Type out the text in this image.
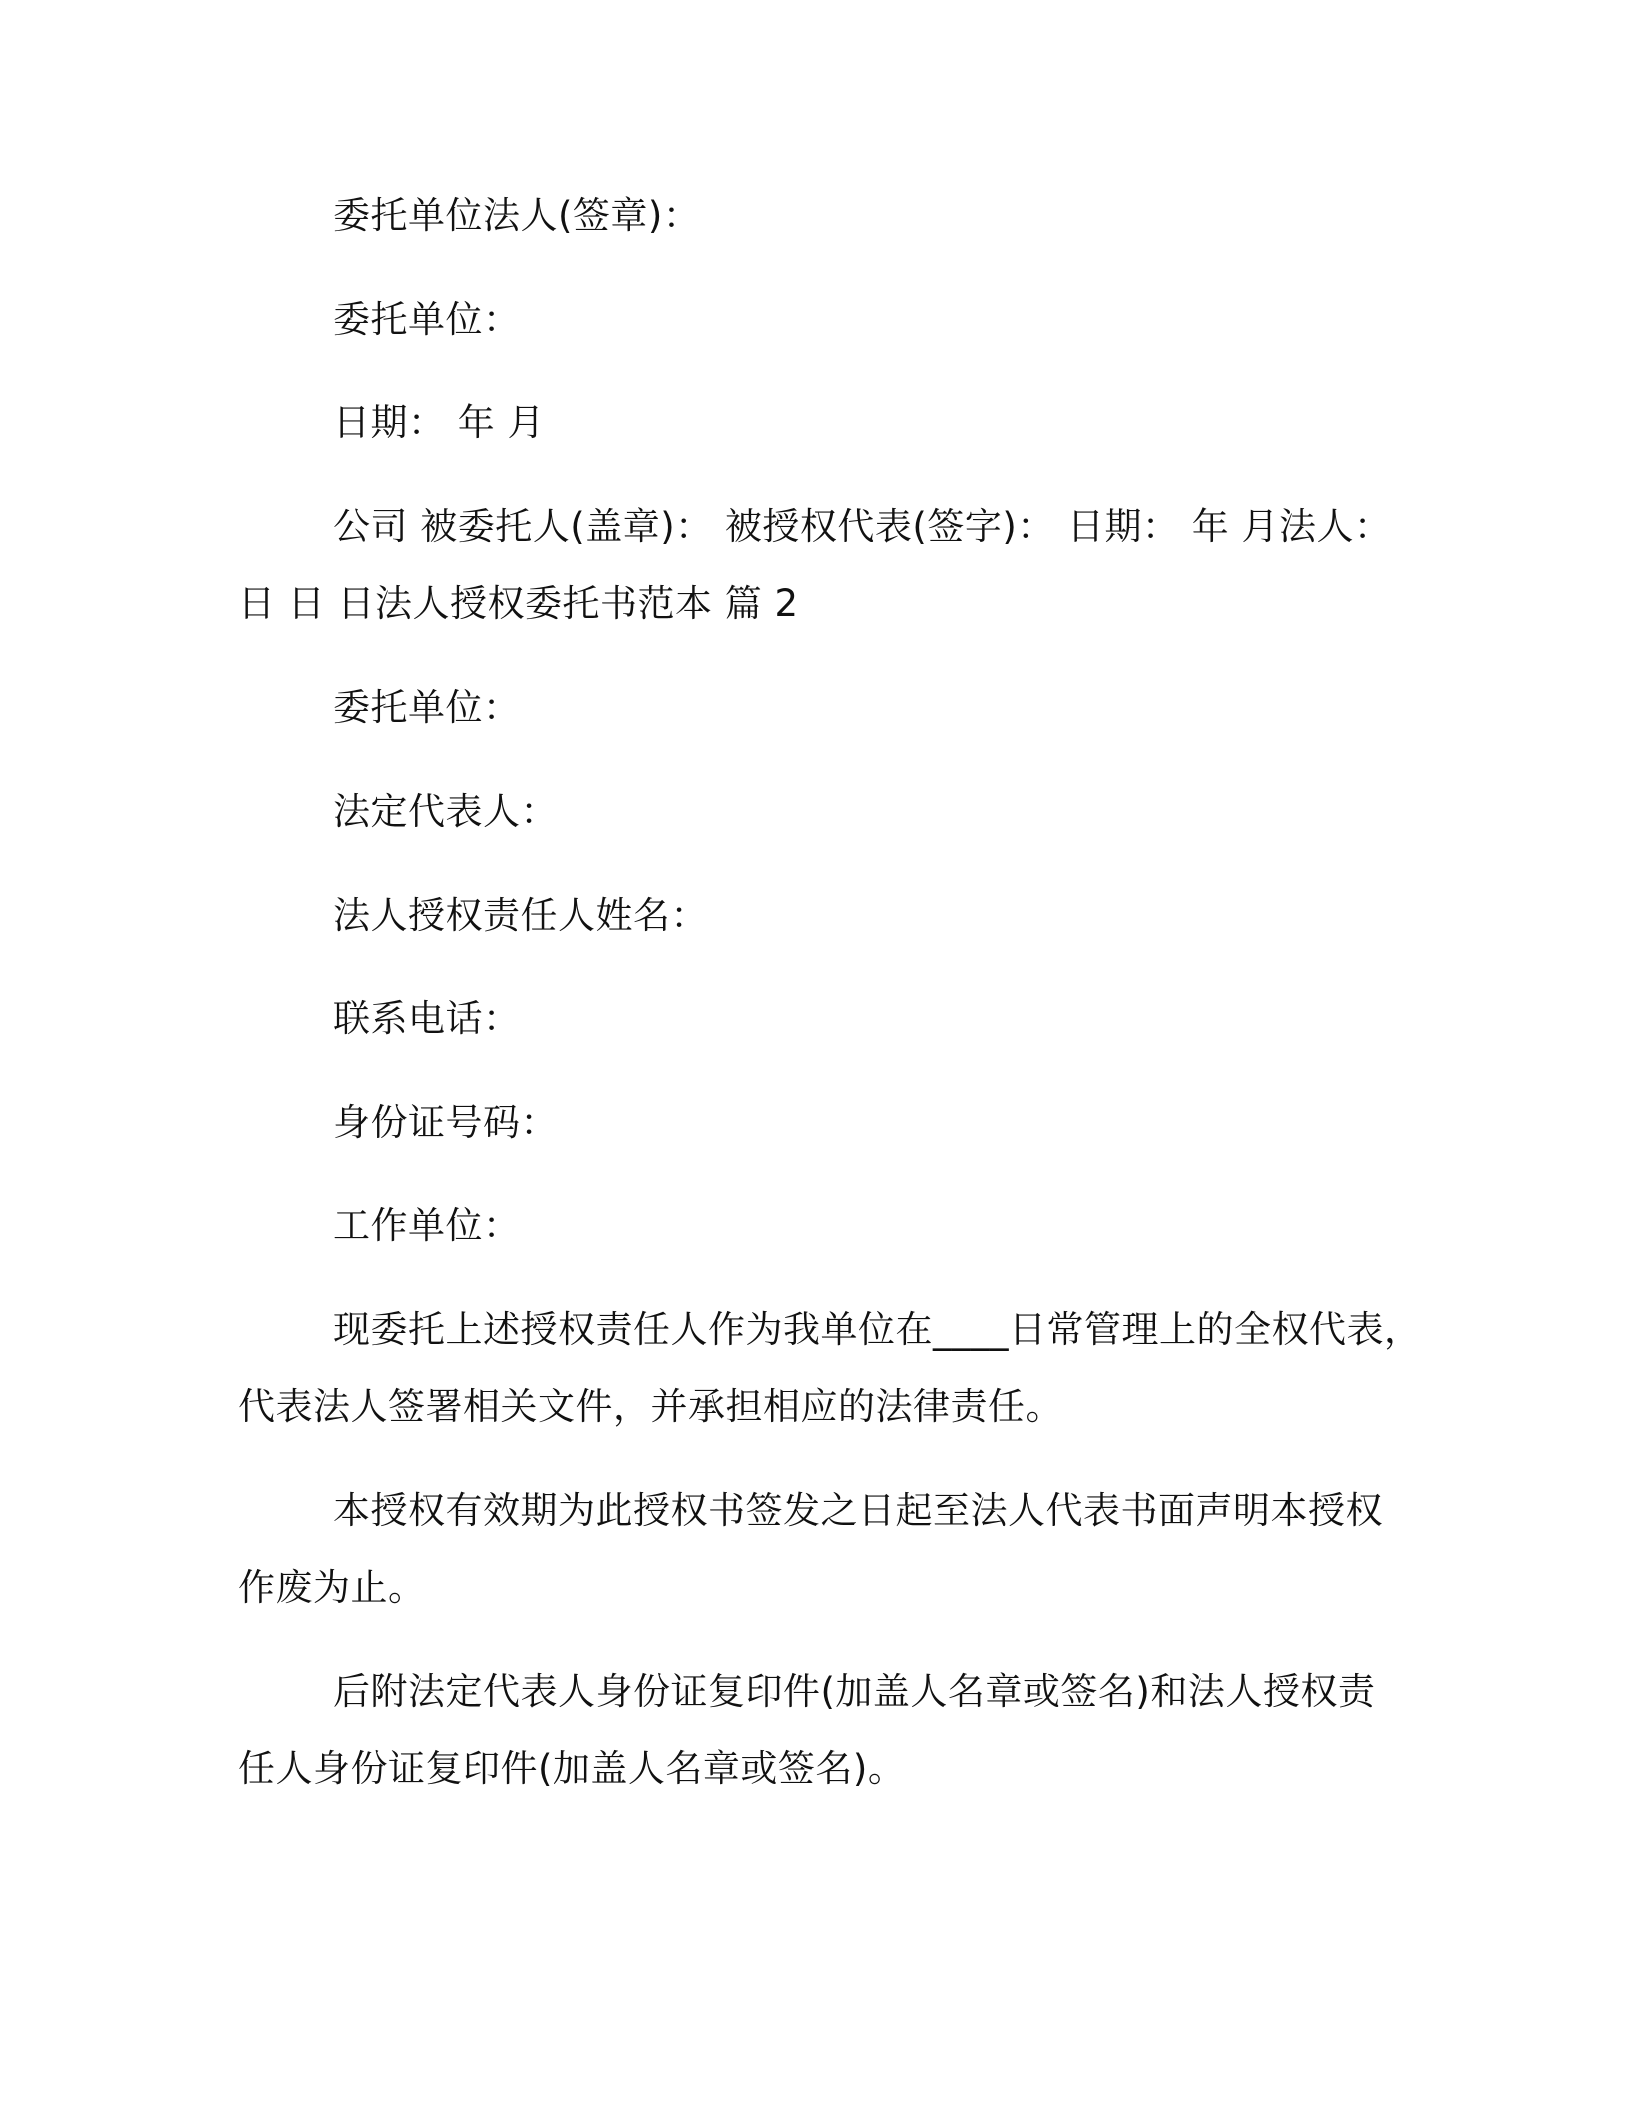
委托单位法人(签章)：
委托单位：
日期： 年 月
公司 被委托人(盖章)： 被授权代表(签字)： 日期： 年 月法人：
日 日 日法人授权委托书范本 篇 2
委托单位：
法定代表人：
法人授权责任人姓名：
联系电话：
身份证号码：
工作单位：
现委托上述授权责任人作为我单位在____日常管理上的全权代表，
代表法人签署相关文件，并承担相应的法律责任。
本授权有效期为此授权书签发之日起至法人代表书面声明本授权
作废为止。
后附法定代表人身份证复印件(加盖人名章或签名)和法人授权责
任人身份证复印件(加盖人名章或签名)。
